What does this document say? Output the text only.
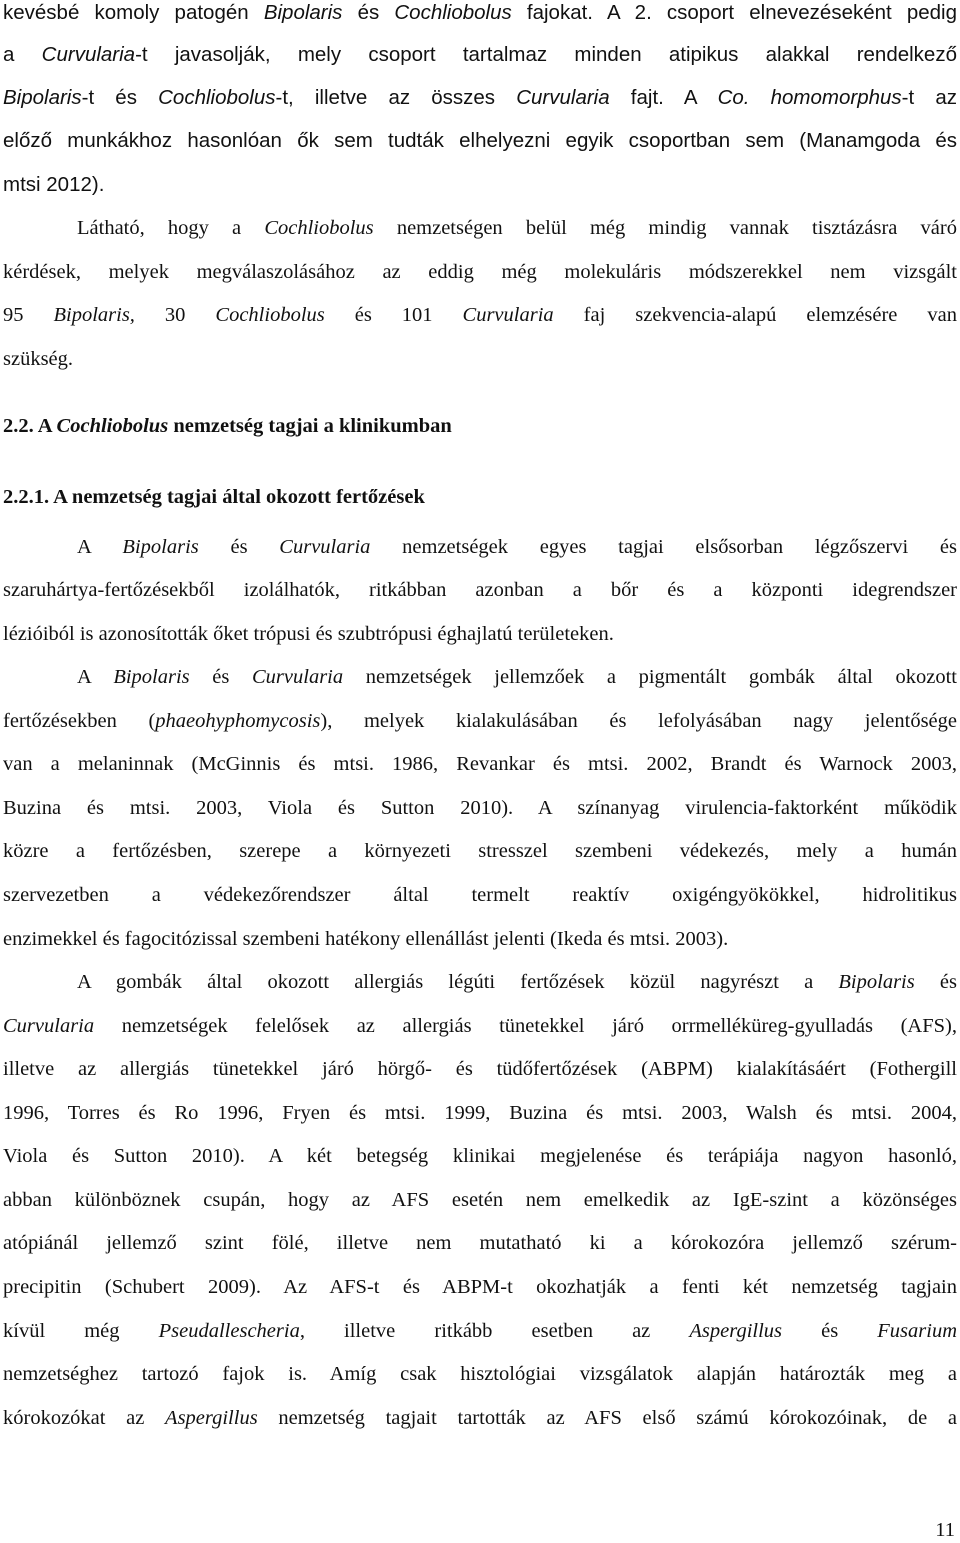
kevésbé komoly patogén Bipolaris és Cochliobolus fajokat. A 2. csoport elnevezéseként pedig
a Curvularia-t javasolják, mely csoport tartalmaz minden atipikus alakkal rendelkező
Bipolaris-t és Cochliobolus-t, illetve az összes Curvularia fajt. A Co. homomorphus-t az
előző munkákhoz hasonlóan ők sem tudták elhelyezni egyik csoportban sem (Manamgoda és
mtsi 2012).
Látható, hogy a Cochliobolus nemzetségen belül még mindig vannak tisztázásra váró
kérdések, melyek megválaszolásához az eddig még molekuláris módszerekkel nem vizsgált
95 Bipolaris, 30 Cochliobolus és 101 Curvularia faj szekvencia-alapú elemzésére van
szükség.
2.2. A Cochliobolus nemzetség tagjai a klinikumban
2.2.1. A nemzetség tagjai által okozott fertőzések
A Bipolaris és Curvularia nemzetségek egyes tagjai elsősorban légzőszervi és
szaruhártya-fertőzésekből izolálhatók, ritkábban azonban a bőr és a központi idegrendszer
lézióiból is azonosították őket trópusi és szubtrópusi éghajlatú területeken.
A Bipolaris és Curvularia nemzetségek jellemzőek a pigmentált gombák által okozott
fertőzésekben (phaeohyphomycosis), melyek kialakulásában és lefolyásában nagy jelentősége
van a melaninnak (McGinnis és mtsi. 1986, Revankar és mtsi. 2002, Brandt és Warnock 2003,
Buzina és mtsi. 2003, Viola és Sutton 2010). A színanyag virulencia-faktorként működik
közre a fertőzésben, szerepe a környezeti stresszel szembeni védekezés, mely a humán
szervezetben a védekezőrendszer által termelt reaktív oxigéngyökökkel, hidrolitikus
enzimekkel és fagocitózissal szembeni hatékony ellenállást jelenti (Ikeda és mtsi. 2003).
A gombák által okozott allergiás légúti fertőzések közül nagyrészt a Bipolaris és
Curvularia nemzetségek felelősek az allergiás tünetekkel járó orrmelléküreg-gyulladás (AFS),
illetve az allergiás tünetekkel járó hörgő- és tüdőfertőzések (ABPM) kialakításáért (Fothergill
1996, Torres és Ro 1996, Fryen és mtsi. 1999, Buzina és mtsi. 2003, Walsh és mtsi. 2004,
Viola és Sutton 2010). A két betegség klinikai megjelenése és terápiája nagyon hasonló,
abban különböznek csupán, hogy az AFS esetén nem emelkedik az IgE-szint a közönséges
atópiánál jellemző szint fölé, illetve nem mutatható ki a kórokozóra jellemző szérum-
precipitin (Schubert 2009). Az AFS-t és ABPM-t okozhatják a fenti két nemzetség tagjain
kívül még Pseudallescheria, illetve ritkább esetben az Aspergillus és Fusarium
nemzetséghez tartozó fajok is. Amíg csak hisztológiai vizsgálatok alapján határozták meg a
kórokozókat az Aspergillus nemzetség tagjait tartották az AFS első számú kórokozóinak, de a
11
